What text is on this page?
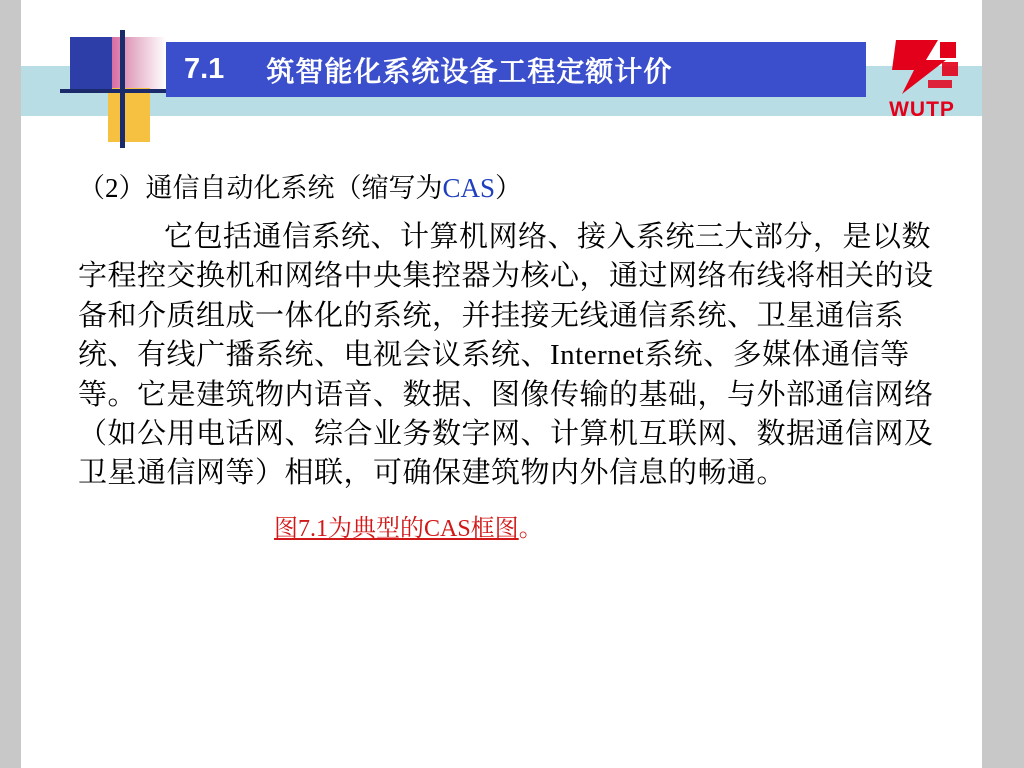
7.1 筑智能化系统设备工程定额计价
WUTP
（2）通信自动化系统（缩写为CAS）
它包括通信系统、计算机网络、接入系统三大部分，是以数字程控交换机和网络中央集控器为核心，通过网络布线将相关的设备和介质组成一体化的系统，并挂接无线通信系统、卫星通信系统、有线广播系统、电视会议系统、Internet系统、多媒体通信等等。它是建筑物内语音、数据、图像传输的基础，与外部通信网络（如公用电话网、综合业务数字网、计算机互联网、数据通信网及卫星通信网等）相联，可确保建筑物内外信息的畅通。
图7.1为典型的CAS框图。
